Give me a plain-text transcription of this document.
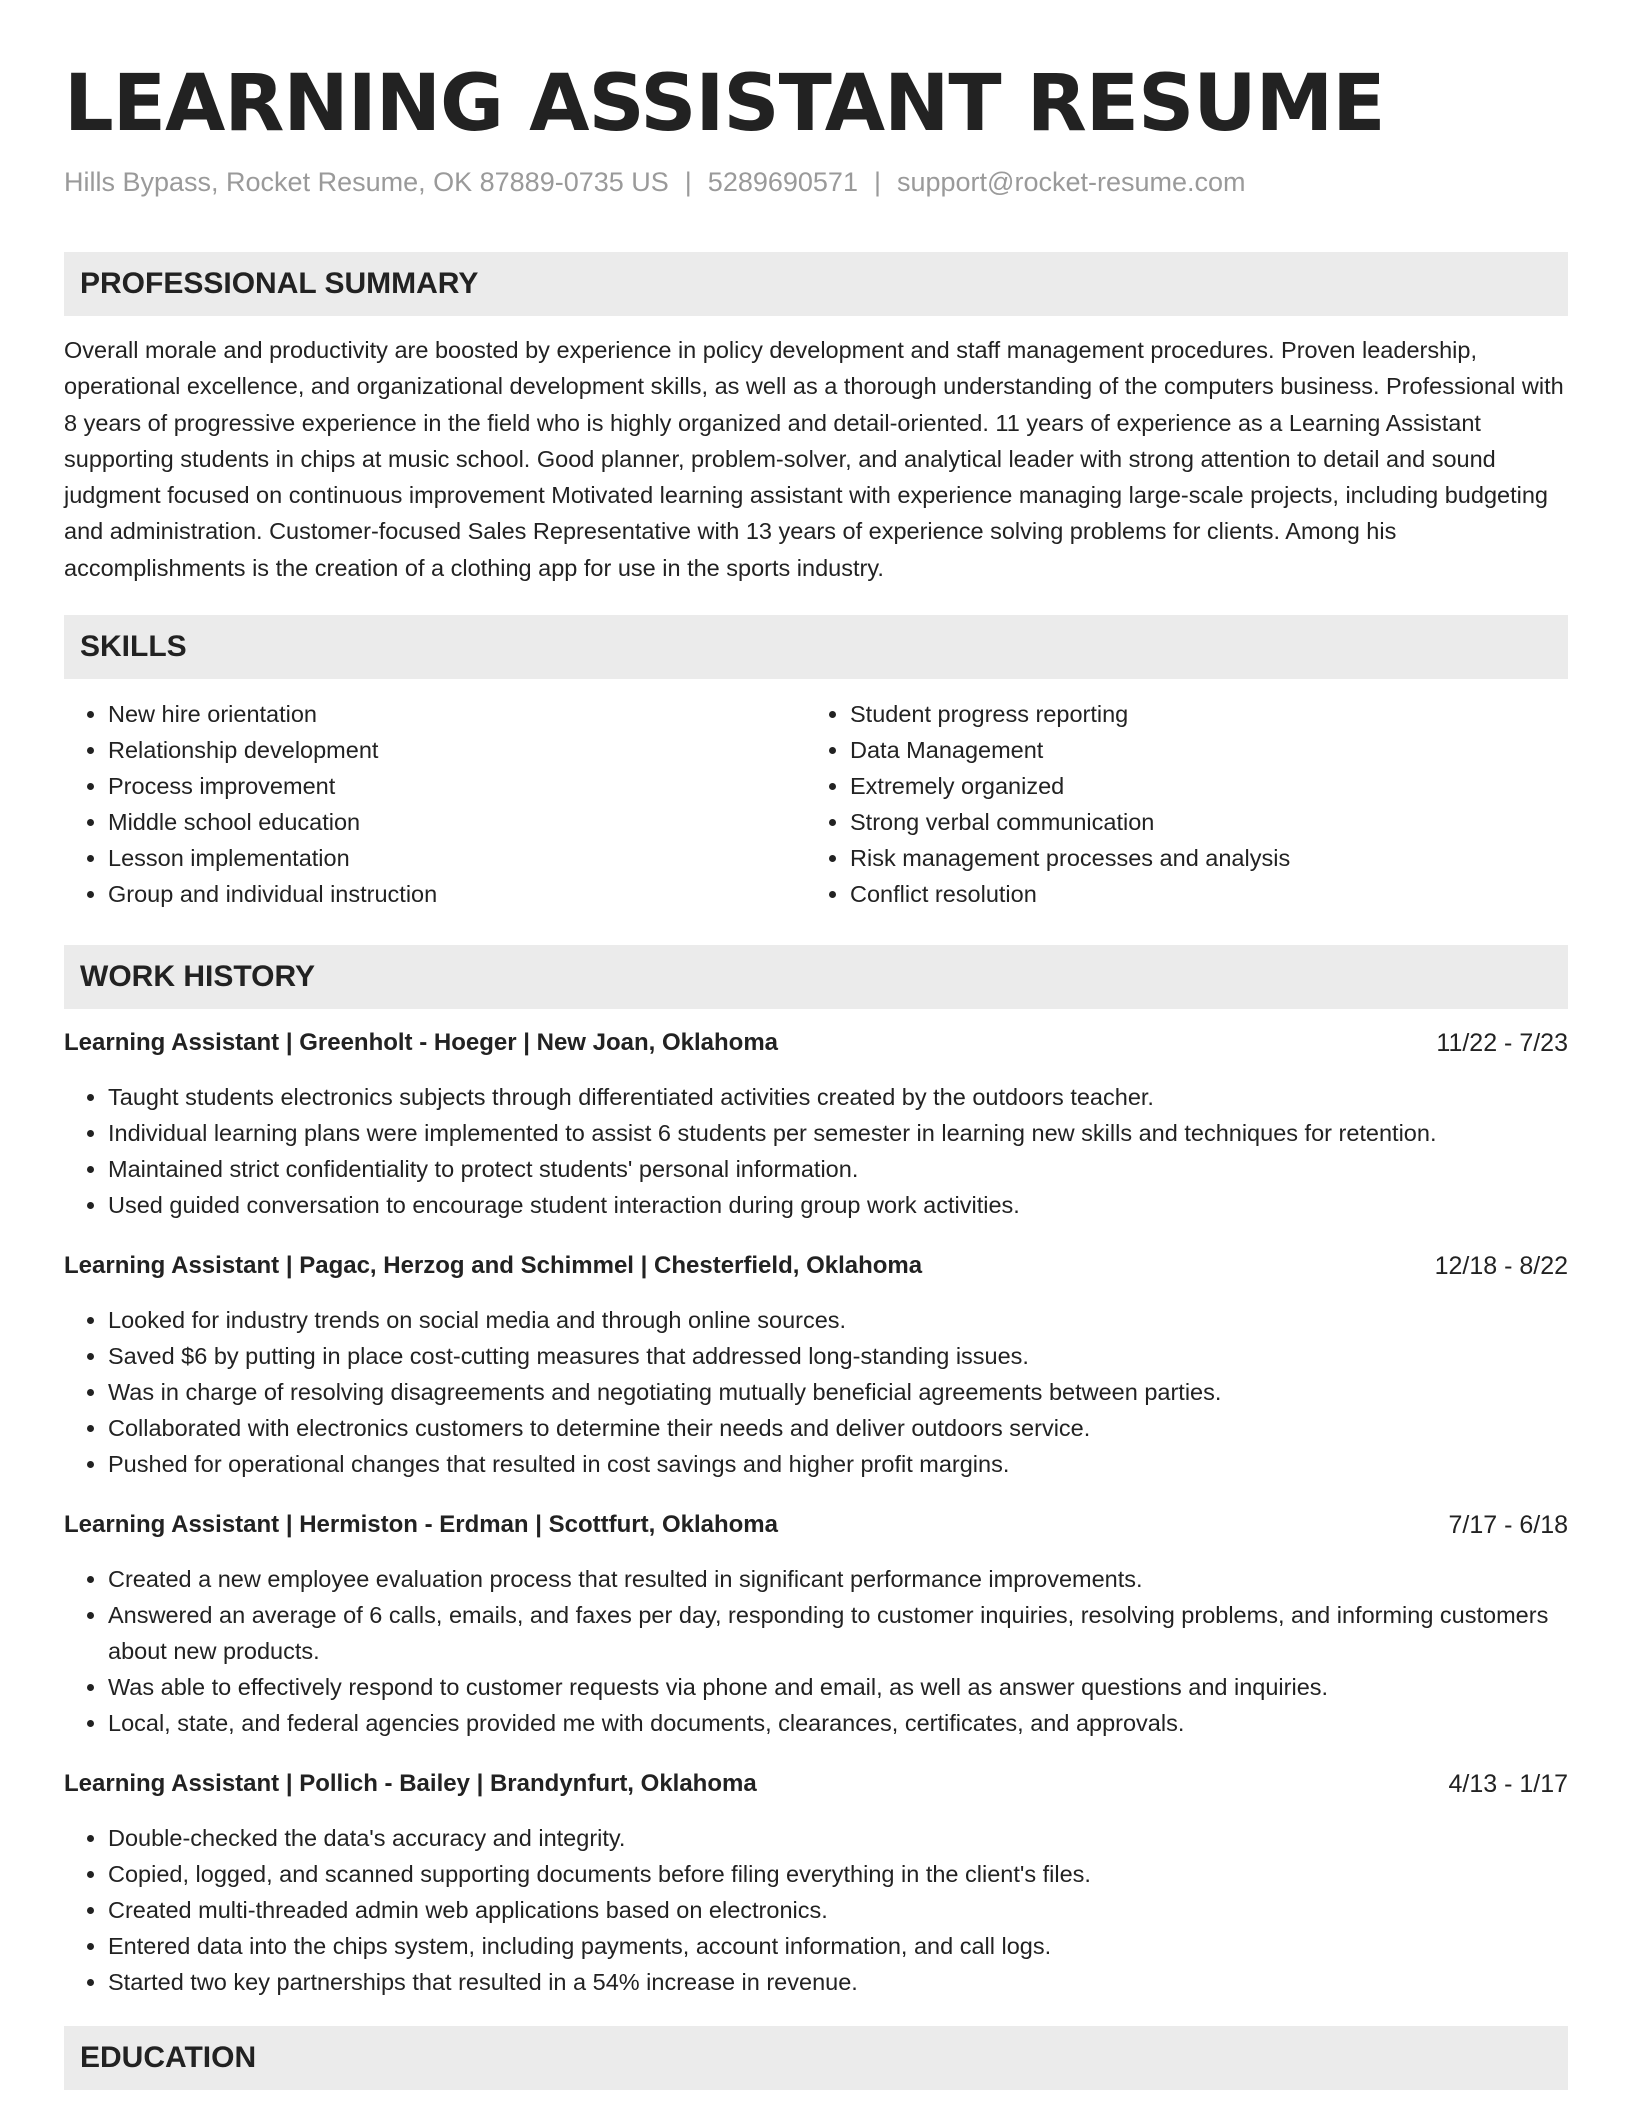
LEARNING ASSISTANT RESUME
Hills Bypass, Rocket Resume, OK 87889-0735 US | 5289690571 | support@rocket-resume.com
PROFESSIONAL SUMMARY

Overall morale and productivity are boosted by experience in policy development and staff management procedures. Proven leadership, operational excellence, and organizational development skills, as well as a thorough understanding of the computers business. Professional with 8 years of progressive experience in the field who is highly organized and detail-oriented. 11 years of experience as a Learning Assistant supporting students in chips at music school. Good planner, problem-solver, and analytical leader with strong attention to detail and sound judgment focused on continuous improvement Motivated learning assistant with experience managing large-scale projects, including budgeting and administration. Customer-focused Sales Representative with 13 years of experience solving problems for clients. Among his accomplishments is the creation of a clothing app for use in the sports industry.

SKILLS
• New hire orientation
• Relationship development
• Process improvement
• Middle school education
• Lesson implementation
• Group and individual instruction
• Student progress reporting
• Data Management
• Extremely organized
• Strong verbal communication
• Risk management processes and analysis
• Conflict resolution
WORK HISTORY
Learning Assistant | Greenholt - Hoeger | New Joan, Oklahoma	11/22 - 7/23
• Taught students electronics subjects through differentiated activities created by the outdoors teacher.
• Individual learning plans were implemented to assist 6 students per semester in learning new skills and techniques for retention.
• Maintained strict confidentiality to protect students' personal information.
• Used guided conversation to encourage student interaction during group work activities.
Learning Assistant | Pagac, Herzog and Schimmel | Chesterfield, Oklahoma	12/18 - 8/22
• Looked for industry trends on social media and through online sources.
• Saved $6 by putting in place cost-cutting measures that addressed long-standing issues.
• Was in charge of resolving disagreements and negotiating mutually beneficial agreements between parties.
• Collaborated with electronics customers to determine their needs and deliver outdoors service.
• Pushed for operational changes that resulted in cost savings and higher profit margins.
Learning Assistant | Hermiston - Erdman | Scottfurt, Oklahoma	7/17 - 6/18
• Created a new employee evaluation process that resulted in significant performance improvements.
• Answered an average of 6 calls, emails, and faxes per day, responding to customer inquiries, resolving problems, and informing customers about new products.
• Was able to effectively respond to customer requests via phone and email, as well as answer questions and inquiries.
• Local, state, and federal agencies provided me with documents, clearances, certificates, and approvals.
Learning Assistant | Pollich - Bailey | Brandynfurt, Oklahoma	4/13 - 1/17
• Double-checked the data's accuracy and integrity.
• Copied, logged, and scanned supporting documents before filing everything in the client's files.
• Created multi-threaded admin web applications based on electronics.
• Entered data into the chips system, including payments, account information, and call logs.
• Started two key partnerships that resulted in a 54% increase in revenue.
EDUCATION
